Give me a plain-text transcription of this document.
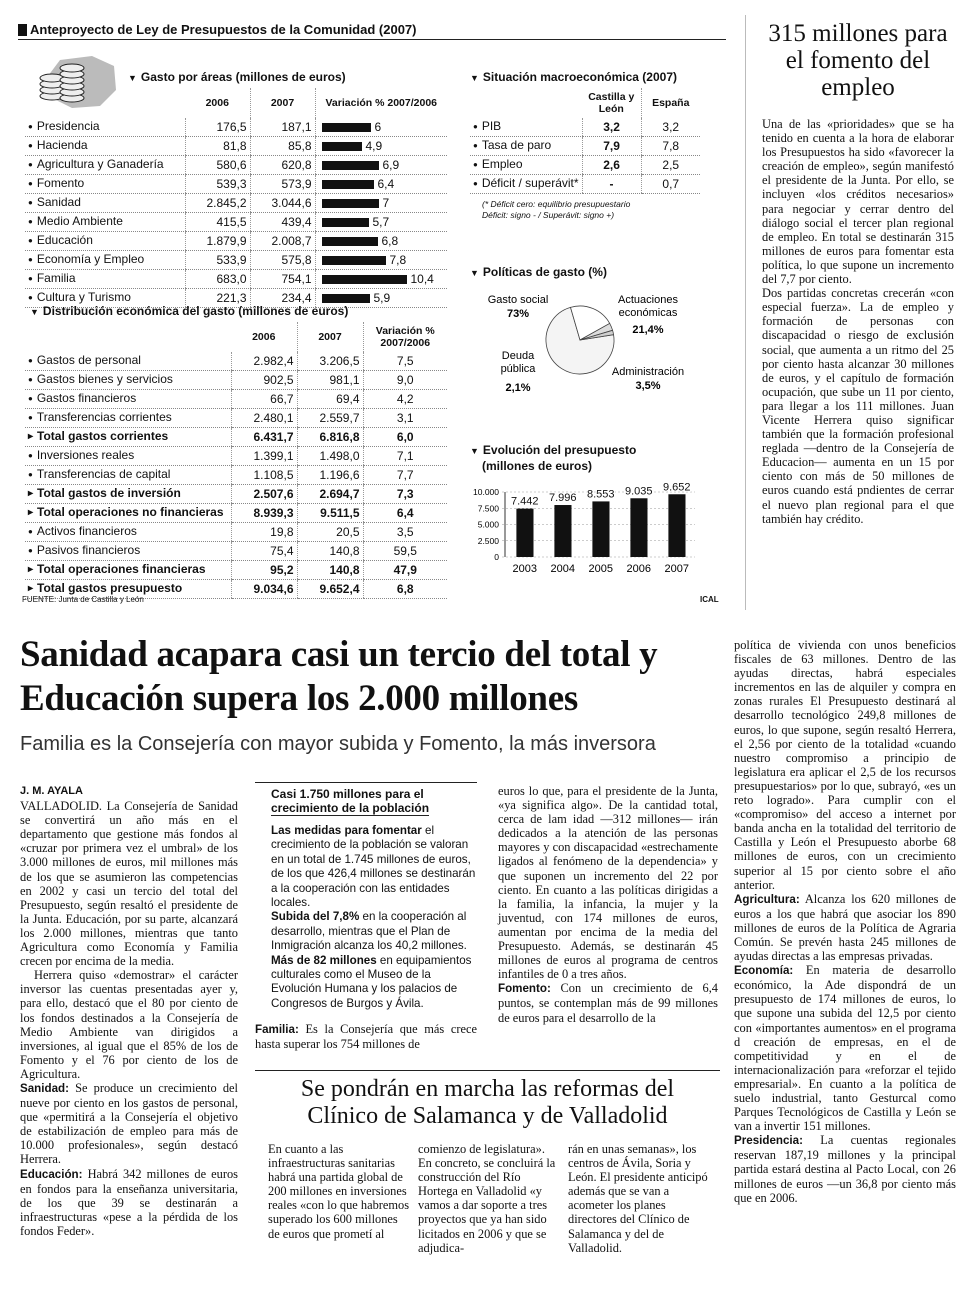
Anteproyecto de Ley de Presupuestos de la Comunidad (2007)
▼ Gasto por áreas (millones de euros)
	2006	2007	Variación % 2007/2006
● Presidencia	176,5	187,1	6
● Hacienda	81,8	85,8	4,9
● Agricultura y Ganadería	580,6	620,8	6,9
● Fomento	539,3	573,9	6,4
● Sanidad	2.845,2	3.044,6	7
● Medio Ambiente	415,5	439,4	5,7
● Educación	1.879,9	2.008,7	6,8
● Economía y Empleo	533,9	575,8	7,8
● Familia	683,0	754,1	10,4
● Cultura y Turismo	221,3	234,4	5,9
▼ Distribución económica del gasto (millones de euros)
	2006	2007	Variación % 2007/2006
● Gastos de personal	2.982,4	3.206,5	7,5
● Gastos bienes y servicios	902,5	981,1	9,0
● Gastos financieros	66,7	69,4	4,2
● Transferencias corrientes	2.480,1	2.559,7	3,1
▸ Total gastos corrientes	6.431,7	6.816,8	6,0
● Inversiones reales	1.399,1	1.498,0	7,1
● Transferencias de capital	1.108,5	1.196,6	7,7
▸ Total gastos de inversión	2.507,6	2.694,7	7,3
▸ Total operaciones no financieras	8.939,3	9.511,5	6,4
● Activos financieros	19,8	20,5	3,5
● Pasivos financieros	75,4	140,8	59,5
▸ Total operaciones financieras	95,2	140,8	47,9
▸ Total gastos presupuesto	9.034,6	9.652,4	6,8
FUENTE: Junta de Castilla y León	ICAL
▼ Situación macroeconómica (2007)
	Castilla y León	España
● PIB	3,2	3,2
● Tasa de paro	7,9	7,8
● Empleo	2,6	2,5
● Déficit / superávit*	-	0,7
(* Déficit cero: equilibrio presupuestario
Déficit: signo - / Superávit: signo +)
▼ Políticas de gasto (%)
Gasto social
73%
Actuaciones económicas
21,4%
Administración
3,5%
Deuda pública
2,1%
▼ Evolución del presupuesto
(millones de euros)
10.000
7.500
5.000
2.500
0
7.442
2003
7.996
2004
8.553
2005
9.035
2006
9.652
2007
315 millones para el fomento del empleo

Una de las «prioridades» que se ha tenido en cuenta a la hora de elaborar los Presupuestos ha sido «favorecer la creación de empleo», según manifestó el presidente de la Junta. Por ello, se incluyen «los créditos necesarios» para negociar y cerrar dentro del diálogo social el tercer plan regional de empleo. En total se destinarán 315 millones de euros para fomentar esta política, lo que supone un incremento del 7,7 por ciento.

Dos partidas concretas crecerán «con especial fuerza». La de empleo y formación de personas con discapacidad o riesgo de exclusión social, que aumenta a un ritmo del 25 por ciento hasta alcanzar 30 millones de euros, y el capítulo de formación ocupación, que sube un 11 por ciento, para llegar a los 111 millones. Juan Vicente Herrera quiso significar también que la formación profesional reglada —dentro de la Consejería de Educacion— aumenta en un 15 por ciento con más de 50 millones de euros cuando está pndientes de cerrar el nuevo plan regional para el que también hay crédito.

Sanidad acapara casi un tercio del total y
Educación supera los 2.000 millones
Familia es la Consejería con mayor subida y Fomento, la más inversora

J. M. AYALA

VALLADOLID. La Consejería de Sanidad se convertirá un año más en el departamento que gestione más fondos al «cruzar por primera vez el umbral» de los 3.000 millones de euros, mil millones más de los que se asumieron las competencias en 2002 y casi un tercio del total del Presupuesto, según resaltó el presidente de la Junta. Educación, por su parte, alcanzará los 2.000 millones, mientras que tanto Agricultura como Economía y Familia crecen por encima de la media.

Herrera quiso «demostrar» el carácter inversor las cuentas presentadas ayer y, para ello, destacó que el 80 por ciento de los fondos destinados a la Consejería de Medio Ambiente van dirigidos a inversiones, al igual que el 85% de los de Fomento y el 76 por ciento de los de Agricultura.

Sanidad: Se produce un crecimiento del nueve por ciento en los gastos de personal, que «permitirá a la Consejería el objetivo de estabilización de empleo para más de 10.000 profesionales», según destacó Herrera.

Educación: Habrá 342 millones de euros en fondos para la enseñanza universitaria, de los que 39 se destinarán a infraestructuras «pese a la pérdida de los fondos Feder».

Casi 1.750 millones para el
crecimiento de la población

Las medidas para fomentar el crecimiento de la población se valoran en un total de 1.745 millones de euros, de los que 426,4 millones se destinarán a la cooperación con las entidades locales.

Subida del 7,8% en la cooperación al desarrollo, mientras que el Plan de Inmigración alcanza los 40,2 millones.

Más de 82 millones en equipamientos culturales como el Museo de la Evolución Humana y los palacios de Congresos de Burgos y Ávila.

Familia: Es la Consejería que más crece hasta superar los 754 millones de

euros lo que, para el presidente de la Junta, «ya significa algo». De la cantidad total, cerca de lam idad —312 millones— irán dedicados a la atención de las personas mayores y con discapacidad «estrechamente ligados al fenómeno de la dependencia» y que suponen un incremento del 22 por ciento. En cuanto a las políticas dirigidas a la familia, la infancia, la mujer y la juventud, con 174 millones de euros, aumentan por encima de la media del Presupuesto. Además, se destinarán 45 millones de euros al programa de centros infantiles de 0 a tres años.

Fomento: Con un crecimiento de 6,4 puntos, se contemplan más de 99 millones de euros para el desarrollo de la

política de vivienda con unos beneficios fiscales de 63 millones. Dentro de las ayudas directas, habrá especiales incrementos en las de alquiler y compra en zonas rurales El Presupuesto destinará al desarrollo tecnológico 249,8 millones de euros, lo que supone, según resaltó Herrera, el 2,56 por ciento de la totalidad «cuando nuestro compromiso a principio de legislatura era aplicar el 2,5 de los recursos presupuestarios» por lo que, subrayó, «es un reto logrado». Para cumplir con el «compromiso» del acceso a internet por banda ancha en la totalidad del territorio de Castilla y León el Presupuesto aborbe 68 millones de euros, con un crecimiento superior al 15 por ciento sobre el año anterior.

Agricultura: Alcanza los 620 millones de euros a los que habrá que asociar los 890 millones de euros de la Política de Agraria Común. Se prevén hasta 245 millones de ayudas directas a las empresas privadas.

Economía: En materia de desarrollo económico, la Ade dispondrá de un presupuesto de 174 millones de euros, lo que supone una subida del 12,5 por ciento con «importantes aumentos» en el programa d creación de empresas, en el de competitividad y en el de internacionalización para «reforzar el tejido empresarial». En cuanto a la política de suelo industrial, tanto Gesturcal como Parques Tecnológicos de Castilla y León se van a invertir 151 millones.

Presidencia: La cuentas regionales reservan 187,19 millones y la principal partida estará destina al Pacto Local, con 26 millones de euros —un 36,8 por ciento más que en 2006.

Se pondrán en marcha las reformas del
Clínico de Salamanca y de Valladolid
En cuanto a las infraestructuras sanitarias habrá una partida global de 200 millones en inversiones reales «con lo que habremos superado los 600 millones de euros que prometí al
comienzo de legislatura». En concreto, se concluirá la construcción del Río Hortega en Valladolid «y vamos a dar soporte a tres proyectos que ya han sido licitados en 2006 y que se adjudica-
rán en unas semanas», los centros de Ávila, Soria y León. El presidente anticipó además que se van a acometer los planes directores del Clínico de Salamanca y del de Valladolid.
